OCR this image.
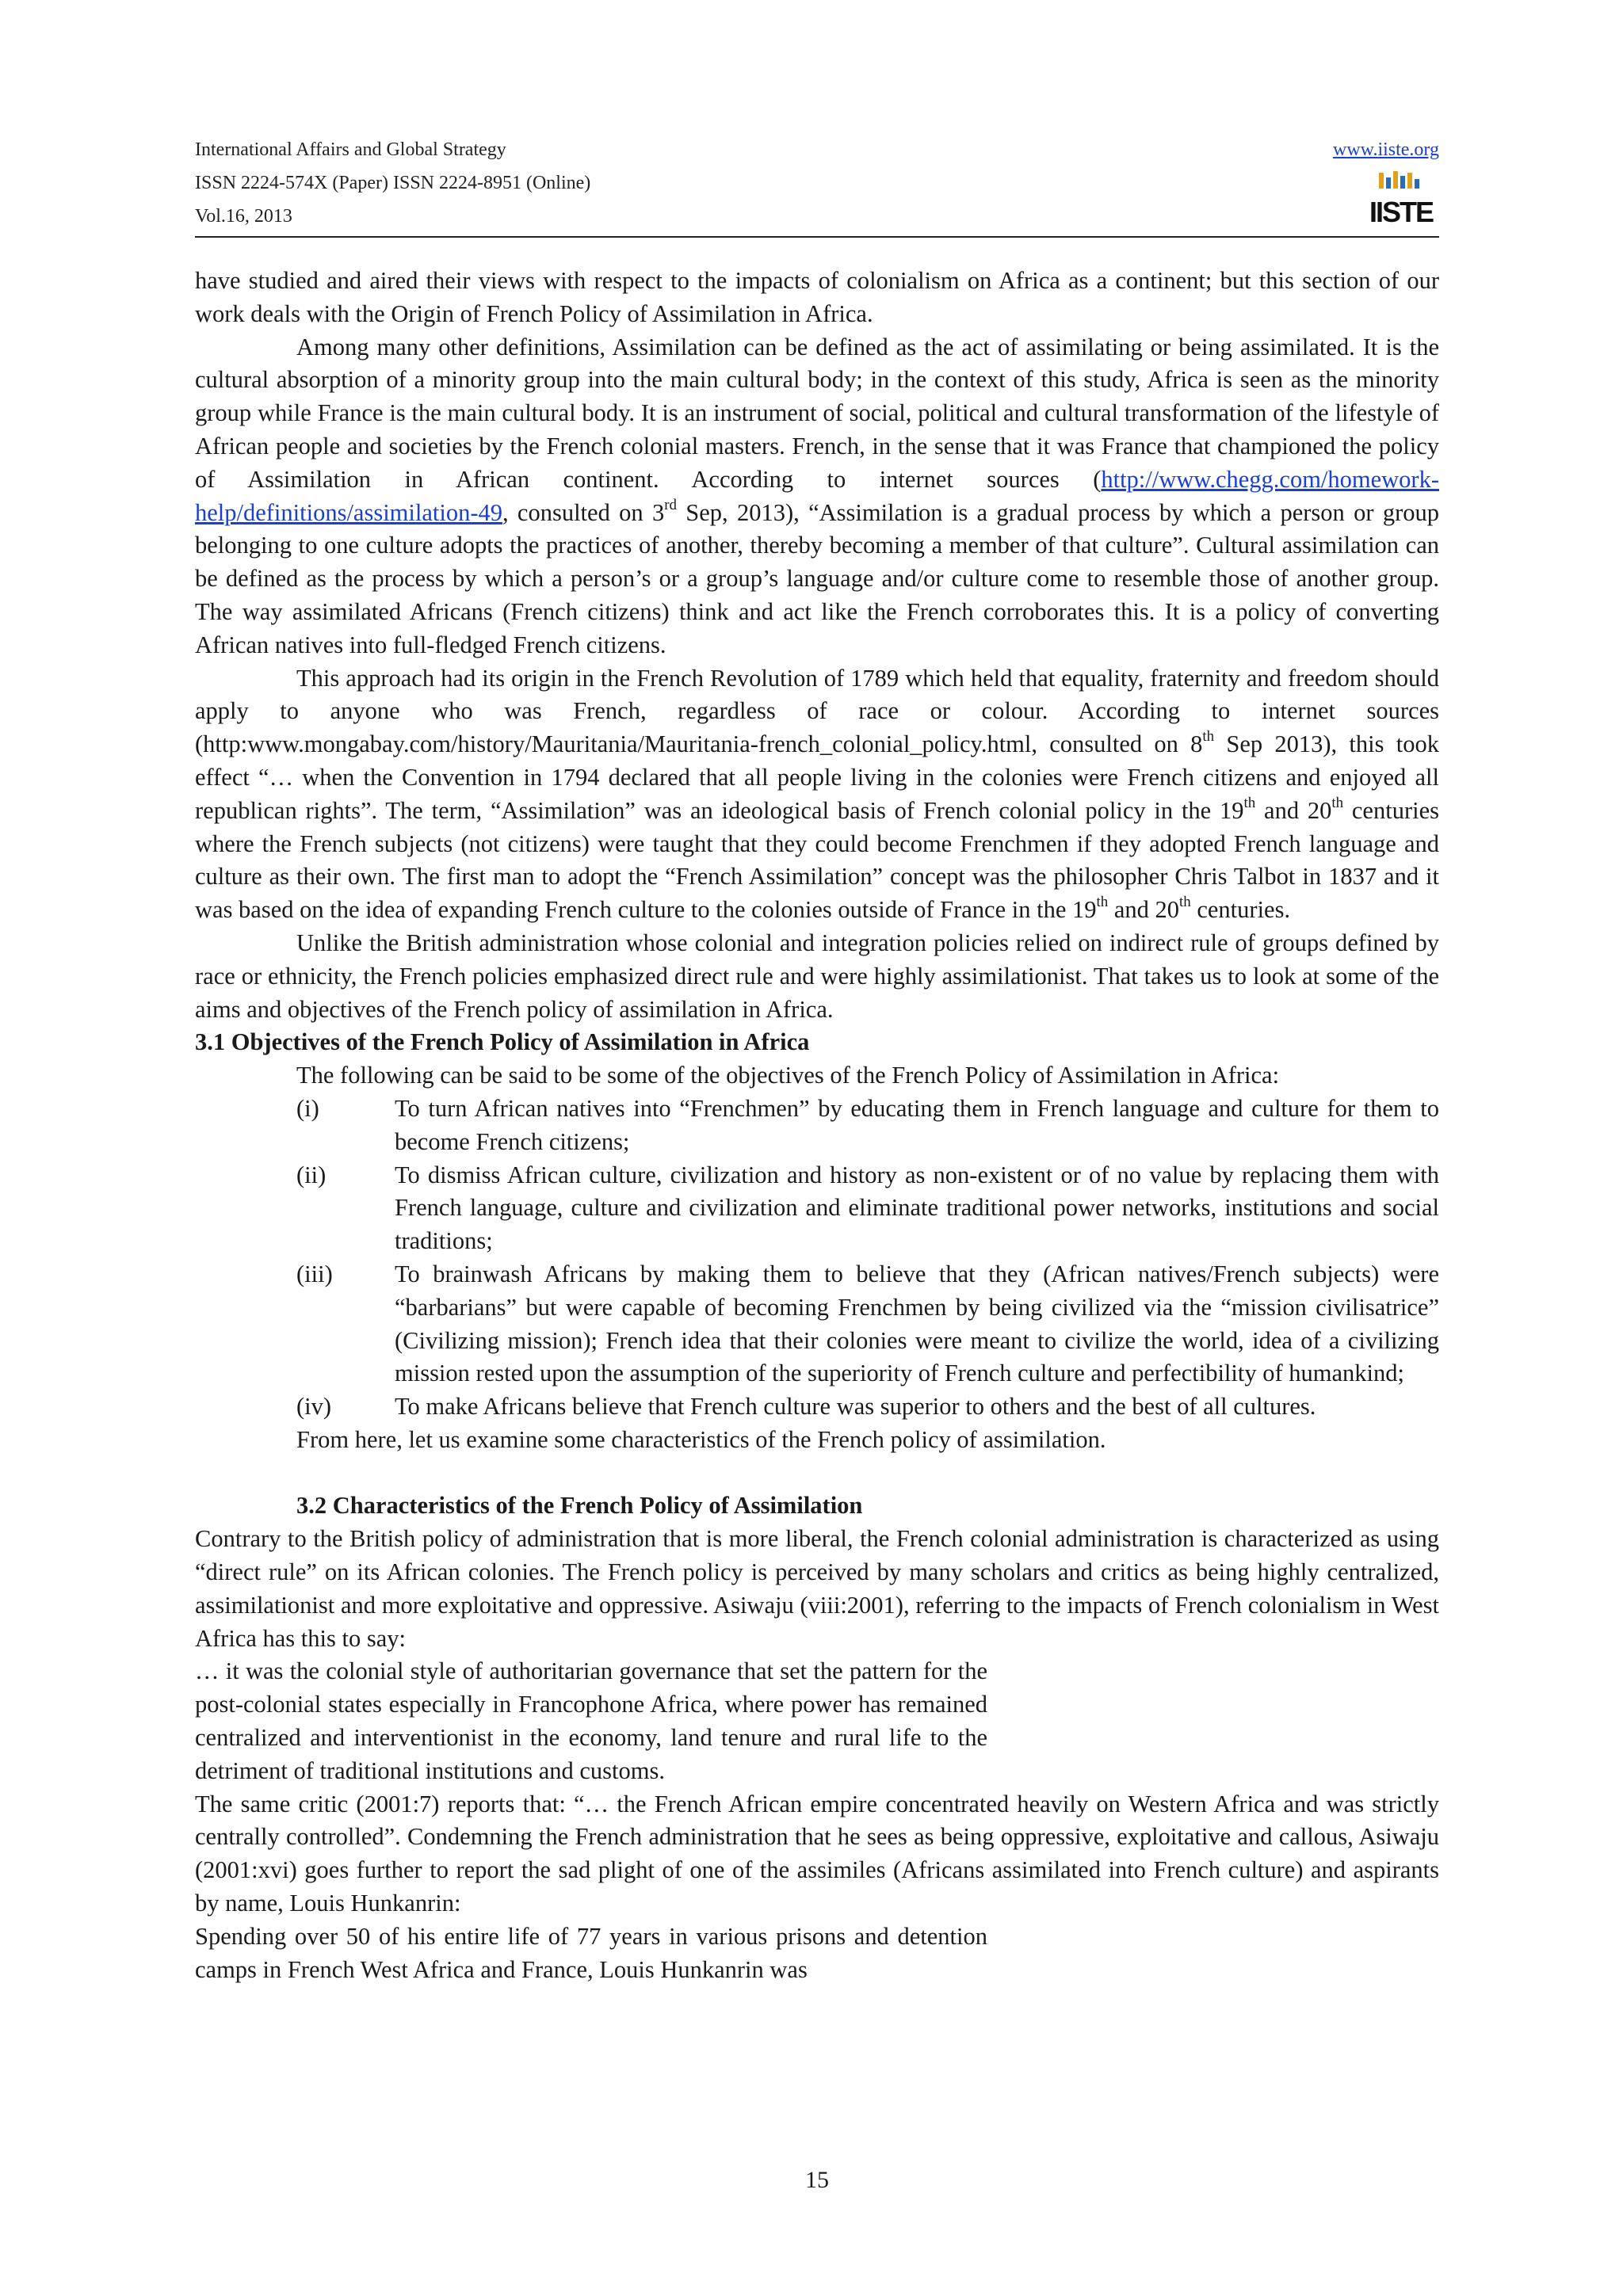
International Affairs and Global Strategy
ISSN 2224-574X (Paper) ISSN 2224-8951 (Online)
Vol.16, 2013
www.iiste.org
IISTE

have studied and aired their views with respect to the impacts of colonialism on Africa as a continent; but this section of our work deals with the Origin of French Policy of Assimilation in Africa.

Among many other definitions, Assimilation can be defined as the act of assimilating or being assimilated. It is the cultural absorption of a minority group into the main cultural body; in the context of this study, Africa is seen as the minority group while France is the main cultural body. It is an instrument of social, political and cultural transformation of the lifestyle of African people and societies by the French colonial masters. French, in the sense that it was France that championed the policy of Assimilation in African continent. According to internet sources (http://www.chegg.com/homework-help/definitions/assimilation-49, consulted on 3rd Sep, 2013), “Assimilation is a gradual process by which a person or group belonging to one culture adopts the practices of another, thereby becoming a member of that culture”. Cultural assimilation can be defined as the process by which a person’s or a group’s language and/or culture come to resemble those of another group. The way assimilated Africans (French citizens) think and act like the French corroborates this. It is a policy of converting African natives into full-fledged French citizens.

This approach had its origin in the French Revolution of 1789 which held that equality, fraternity and freedom should apply to anyone who was French, regardless of race or colour. According to internet sources (http:www.mongabay.com/history/Mauritania/Mauritania-french_colonial_policy.html, consulted on 8th Sep 2013), this took effect “… when the Convention in 1794 declared that all people living in the colonies were French citizens and enjoyed all republican rights”. The term, “Assimilation” was an ideological basis of French colonial policy in the 19th and 20th centuries where the French subjects (not citizens) were taught that they could become Frenchmen if they adopted French language and culture as their own. The first man to adopt the “French Assimilation” concept was the philosopher Chris Talbot in 1837 and it was based on the idea of expanding French culture to the colonies outside of France in the 19th and 20th centuries.

Unlike the British administration whose colonial and integration policies relied on indirect rule of groups defined by race or ethnicity, the French policies emphasized direct rule and were highly assimilationist. That takes us to look at some of the aims and objectives of the French policy of assimilation in Africa.

3.1 Objectives of the French Policy of Assimilation in Africa

The following can be said to be some of the objectives of the French Policy of Assimilation in Africa:

(i)	To turn African natives into “Frenchmen” by educating them in French language and culture for them to become French citizens;
(ii)	To dismiss African culture, civilization and history as non-existent or of no value by replacing them with French language, culture and civilization and eliminate traditional power networks, institutions and social traditions;
(iii)	To brainwash Africans by making them to believe that they (African natives/French subjects) were “barbarians” but were capable of becoming Frenchmen by being civilized via the “mission civilisatrice” (Civilizing mission); French idea that their colonies were meant to civilize the world, idea of a civilizing mission rested upon the assumption of the superiority of French culture and perfectibility of humankind;
(iv)	To make Africans believe that French culture was superior to others and the best of all cultures.

From here, let us examine some characteristics of the French policy of assimilation.

3.2 Characteristics of the French Policy of Assimilation

Contrary to the British policy of administration that is more liberal, the French colonial administration is characterized as using “direct rule” on its African colonies. The French policy is perceived by many scholars and critics as being highly centralized, assimilationist and more exploitative and oppressive. Asiwaju (viii:2001), referring to the impacts of French colonialism in West Africa has this to say:

… it was the colonial style of authoritarian governance that set the pattern for the post-colonial states especially in Francophone Africa, where power has remained centralized and interventionist in the economy, land tenure and rural life to the detriment of traditional institutions and customs.

The same critic (2001:7) reports that: “… the French African empire concentrated heavily on Western Africa and was strictly centrally controlled”. Condemning the French administration that he sees as being oppressive, exploitative and callous, Asiwaju (2001:xvi) goes further to report the sad plight of one of the assimiles (Africans assimilated into French culture) and aspirants by name, Louis Hunkanrin:

Spending over 50 of his entire life of 77 years in various prisons and detention camps in French West Africa and France, Louis Hunkanrin was

15
